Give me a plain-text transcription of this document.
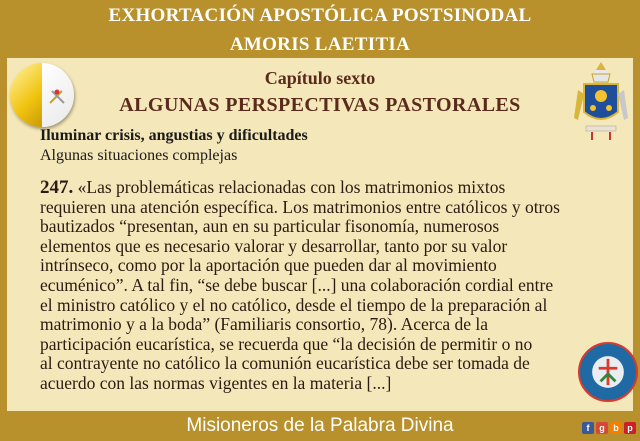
EXHORTACIÓN APOSTÓLICA POSTSINODAL
AMORIS LAETITIA
Capítulo sexto
ALGUNAS PERSPECTIVAS PASTORALES
Iluminar crisis, angustias y dificultades
Algunas situaciones complejas
247. «Las problemáticas relacionadas con los matrimonios mixtos
requieren una atención específica. Los matrimonios entre católicos y otros
bautizados “presentan, aun en su particular fisonomía, numerosos
elementos que es necesario valorar y desarrollar, tanto por su valor
intrínseco, como por la aportación que pueden dar al movimiento
ecuménico”. A tal fin, “se debe buscar [...] una colaboración cordial entre
el ministro católico y el no católico, desde el tiempo de la preparación al
matrimonio y a la boda” (Familiaris consortio, 78). Acerca de la
participación eucarística, se recuerda que “la decisión de permitir o no
al contrayente no católico la comunión eucarística debe ser tomada de
acuerdo con las normas vigentes en la materia [...]
Misioneros de la Palabra Divina	f	g b p
